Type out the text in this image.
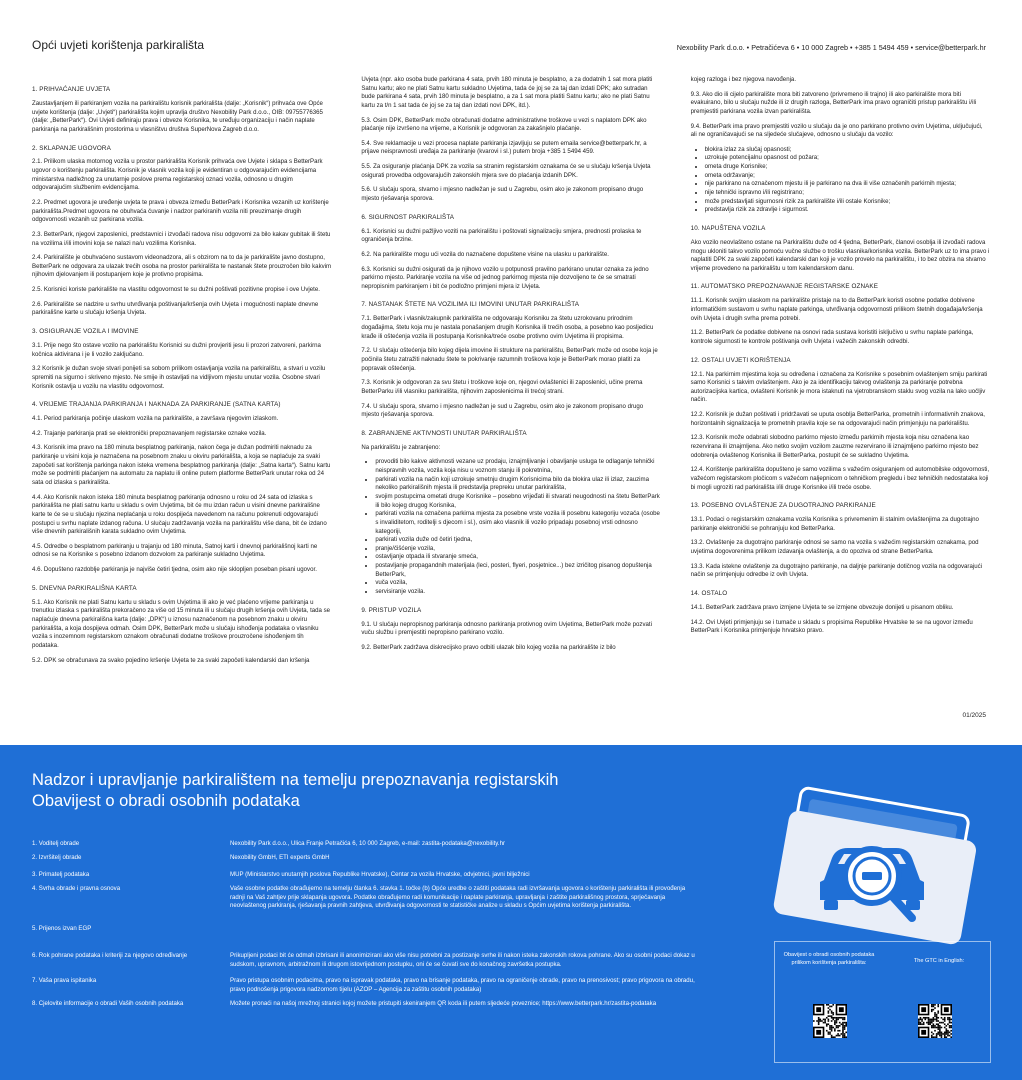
Opći uvjeti korištenja parkirališta	Nexobility Park d.o.o. • Petračićeva 6 • 10 000 Zagreb • +385 1 5494 459 • service@betterpark.hr
1. PRIHVAĆANJE UVJETA

Zaustavljanjem ili parkiranjem vozila na parkiralištu korisnik parkirališta (dalje: „Korisnik“) prihvaća ove Opće uvjete korištenja (dalje: „Uvjeti“) parkirališta kojim upravlja društvo Nexobility Park d.o.o., OIB: 09755776365 (dalje: „BetterPark“). Ovi Uvjeti definiraju prava i obveze Korisnika, te uređuju organizaciju i način naplate parkiranja na parkirališnim prostorima u vlasništvu društva SuperNova Zagreb d.o.o.

2. SKLAPANJE UGOVORA

2.1. Prilikom ulaska motornog vozila u prostor parkirališta Korisnik prihvaća ove Uvjete i sklapa s BetterPark ugovor o korištenju parkirališta. Korisnik je vlasnik vozila koji je evidentiran u odgovarajućim evidencijama ministarstva nadležnog za unutarnje poslove prema registarskoj oznaci vozila, odnosno u drugim odgovarajućim službenim evidencijama.

2.2. Predmet ugovora je uređenje uvjeta te prava i obveza između BetterPark i Korisnika vezanih uz korištenje parkirališta.Predmet ugovora ne obuhvaća čuvanje i nadzor parkiranih vozila niti preuzimanje drugih odgovornosti vezanih uz parkirana vozila.

2.3. BetterPark, njegovi zaposlenici, predstavnici i izvođači radova nisu odgovorni za bilo kakav gubitak ili štetu na vozilima i/ili imovini koja se nalazi na/u vozilima Korisnika.

2.4. Parkiralište je obuhvaćeno sustavom videonadzora, ali s obzirom na to da je parkiralište javno dostupno, BetterPark ne odgovara za ulazak trećih osoba na prostor parkirališta te nastanak štete prouzročen bilo kakvim njihovim djelovanjem ili postupanjem koje je protivno propisima.

2.5. Korisnici koriste parkiralište na vlastitu odgovornost te su dužni poštivati pozitivne propise i ove Uvjete.

2.6. Parkiralište se nadzire u svrhu utvrđivanja poštivanja/kršenja ovih Uvjeta i mogućnosti naplate dnevne parkirališne karte u slučaju kršenja Uvjeta.

3. OSIGURANJE VOZILA I IMOVINE

3.1. Prije nego što ostave vozilo na parkiralištu Korisnici su dužni provjeriti jesu li prozori zatvoreni, parkirna kočnica aktivirana i je li vozilo zaključano.

3.2 Korisnik je dužan svoje stvari ponijeti sa sobom prilikom ostavljanja vozila na parkiralištu, a stvari u vozilu spremiti na sigurno i skriveno mjesto. Ne smije ih ostavljati na vidljivom mjestu unutar vozila. Osobne stvari Korisnik ostavlja u vozilu na vlastitu odgovornost.

4. VRIJEME TRAJANJA PARKIRANJA I NAKNADA ZA PARKIRANJE (SATNA KARTA)

4.1. Period parkiranja počinje ulaskom vozila na parkiralište, a završava njegovim izlaskom.

4.2. Trajanje parkiranja prati se elektronički prepoznavanjem registarske oznake vozila.

4.3. Korisnik ima pravo na 180 minuta besplatnog parkiranja, nakon čega je dužan podmiriti naknadu za parkiranje u visini koja je naznačena na posebnom znaku u okviru parkirališta, a koja se naplaćuje za svaki započeti sat korištenja parkinga nakon isteka vremena besplatnog parkiranja (dalje: „Satna karta“). Satnu kartu može se podmiriti plaćanjem na automatu za naplatu ili online putem platforme BetterPark unutar roka od 24 sata od izlaska s parkirališta.

4.4. Ako Korisnik nakon isteka 180 minuta besplatnog parkiranja odnosno u roku od 24 sata od izlaska s parkirališta ne plati satnu kartu u skladu s ovim Uvjetima, bit će mu izdan račun u visini dnevne parkirališne karte te će se u slučaju njezina neplaćanja u roku dospijeća navedenom na računu pokrenuti odgovarajući postupci u svrhu naplate izdanog računa. U slučaju zadržavanja vozila na parkiralištu više dana, bit će izdano više dnevnih parkirališnih karata sukladno ovim Uvjetima.

4.5. Odredbe o besplatnom parkiranju u trajanju od 180 minuta, Satnoj karti i dnevnoj parkirališnoj karti ne odnosi se na Korisnike s posebno izdanom dozvolom za parkiranje sukladno Uvjetima.

4.6. Dopušteno razdoblje parkiranja je najviše četiri tjedna, osim ako nije sklopljen poseban pisani ugovor.

5. DNEVNA PARKIRALIŠNA KARTA

5.1. Ako Korisnik ne plati Satnu kartu u skladu s ovim Uvjetima ili ako je već plaćeno vrijeme parkiranja u trenutku izlaska s parkirališta prekoračeno za više od 15 minuta ili u slučaju drugih kršenja ovih Uvjeta, tada se naplaćuje dnevna parkirališna karta (dalje: „DPK“) u iznosu naznačenom na posebnom znaku u okviru parkirališta, a koja dospijeva odmah. Osim DPK, BetterPark može u slučaju ishođenja podataka o vlasniku vozila s inozemnom registarskom oznakom obračunati dodatne troškove prouzročene ishođenjem tih podataka.

5.2. DPK se obračunava za svako pojedino kršenje Uvjeta te za svaki započeti kalendarski dan kršenja

Uvjeta (npr. ako osoba bude parkirana 4 sata, prvih 180 minuta je besplatno, a za dodatnih 1 sat mora platiti Satnu kartu; ako ne plati Satnu kartu sukladno Uvjetima, tada će joj se za taj dan izdati DPK; ako sutradan bude parkirana 4 sata, prvih 180 minuta je besplatno, a za 1 sat mora platiti Satnu kartu; ako ne plati Satnu kartu za t/n 1 sat tada će joj se za taj dan izdati novi DPK, itd.).

5.3. Osim DPK, BetterPark može obračunati dodatne administrativne troškove u vezi s naplatom DPK ako plaćanje nije izvršeno na vrijeme, a Korisnik je odgovoran za zakašnjelo plaćanje.

5.4. Sve reklamacije u vezi procesa naplate parkiranja izjavljuju se putem emaila service@betterpark.hr, a prijave neispravnosti uređaja za parkiranje (kvarovi i sl.) putem broja +385 1 5494 459.

5.5. Za osiguranje plaćanja DPK za vozila sa stranim registarskim oznakama će se u slučaju kršenja Uvjeta osigurati provedba odgovarajućih zakonskih mjera sve do plaćanja izdanih DPK.

5.6. U slučaju spora, stvarno i mjesno nadležan je sud u Zagrebu, osim ako je zakonom propisano drugo mjesto rješavanja sporova.

6. SIGURNOST PARKIRALIŠTA

6.1. Korisnici su dužni pažljivo voziti na parkiralištu i poštovati signalizaciju smjera, prednosti prolaska te ograničenja brzine.

6.2. Na parkiralište mogu ući vozila do naznačene dopuštene visine na ulasku u parkiralište.

6.3. Korisnici su dužni osigurati da je njihovo vozilo u potpunosti pravilno parkirano unutar oznaka za jedno parkirno mjesto. Parkiranje vozila na više od jednog parkirnog mjesta nije dozvoljeno te će se smatrati nepropisnim parkiranjem i bit će podložno primjeni mjera iz Uvjeta.

7. NASTANAK ŠTETE NA VOZILIMA ILI IMOVINI UNUTAR PARKIRALIŠTA

7.1. BetterPark i vlasnik/zakupnik parkirališta ne odgovaraju Korisniku za štetu uzrokovanu prirodnim događajima, štetu koja mu je nastala ponašanjem drugih Korisnika ili trećih osoba, a posebno kao posljedicu krađe ili oštećenja vozila ili postupanja Korisnika/treće osobe protivno ovim Uvjetima ili propisima.

7.2. U slučaju oštećenja bilo kojeg dijela imovine ili strukture na parkiralištu, BetterPark može od osobe koja je počinila štetu zatražiti naknadu štete te pokrivanje razumnih troškova koje je BetterPark morao platiti za popravak oštećenja.

7.3. Korisnik je odgovoran za svu štetu i troškove koje on, njegovi ovlaštenici ili zaposlenici, učine prema BetterParku i/ili vlasniku parkirališta, njihovim zaposlenicima ili trećoj strani.

7.4. U slučaju spora, stvarno i mjesno nadležan je sud u Zagrebu, osim ako je zakonom propisano drugo mjesto rješavanja sporova.

8. ZABRANJENE AKTIVNOSTI UNUTAR PARKIRALIŠTA

Na parkiralištu je zabranjeno:

• provoditi bilo kakve aktivnosti vezane uz prodaju, iznajmljivanje i obavljanje usluga te odlaganje tehnički neispravnih vozila, vozila koja nisu u voznom stanju ili pokretnina,
• parkirati vozila na način koji uzrokuje smetnju drugim Korisnicima bilo da blokira ulaz ili izlaz, zauzima nekoliko parkirališnih mjesta ili predstavlja prepreku unutar parkirališta,
• svojim postupcima ometati druge Korisnike – posebno vrijeđati ili stvarati neugodnosti na štetu BetterPark ili bilo kojeg drugog Korisnika,
• parkirati vozila na označena parkirna mjesta za posebne vrste vozila ili posebnu kategoriju vozača (osobe s invaliditetom, roditelji s djecom i sl.), osim ako vlasnik ili vozilo pripadaju posebnoj vrsti odnosno kategoriji,
• parkirati vozila duže od četiri tjedna,
• pranje/čišćenje vozila,
• ostavljanje otpada ili stvaranje smeća,
• postavljanje propagandnih materijala (leci, posteri, flyeri, posjetnice...) bez izričitog pisanog dopuštenja BetterPark,
• vuča vozila,
• servisiranje vozila.
9. PRISTUP VOZILA

9.1. U slučaju nepropisnog parkiranja odnosno parkiranja protivnog ovim Uvjetima, BetterPark može pozvati vuču službu i premjestiti nepropisno parkirano vozilo.

9.2. BetterPark zadržava diskrecijsko pravo odbiti ulazak bilo kojeg vozila na parkiralište iz bilo

kojeg razloga i bez njegova navođenja.

9.3. Ako dio ili cijelo parkiralište mora biti zatvoreno (privremeno ili trajno) ili ako parkiralište mora biti evakuirano, bilo u slučaju nužde ili iz drugih razloga, BetterPark ima pravo ograničiti pristup parkiralištu i/ili premjestiti parkirana vozila izvan parkirališta.

9.4. BetterPark ima pravo premjestiti vozilo u slučaju da je ono parkirano protivno ovim Uvjetima, uključujući, ali ne ograničavajući se na sljedeće slučajeve, odnosno u slučaju da vozilo:

• blokira izlaz za slučaj opasnosti;
• uzrokuje potencijalnu opasnost od požara;
• ometa druge Korisnike;
• ometa održavanje;
• nije parkirano na označenom mjestu ili je parkirano na dva ili više označenih parkirnih mjesta;
• nije tehnički ispravno i/ili registrirano;
• može predstavljati sigurnosni rizik za parkiralište i/ili ostale Korisnike;
• predstavlja rizik za zdravlje i sigurnost.
10. NAPUŠTENA VOZILA

Ako vozilo neovlašteno ostane na Parkiralištu duže od 4 tjedna, BetterPark, članovi osoblja ili izvođači radova mogu ukloniti takvo vozilo pomoću vučne službe o trošku vlasnika/korisnika vozila. BetterPark uz to ima pravo i naplatiti DPK za svaki započeti kalendarski dan koji je vozilo provelo na parkiralištu, i to bez obzira na stvarno vrijeme provedeno na parkiralištu u tom kalendarskom danu.

11. AUTOMATSKO PREPOZNAVANJE REGISTARSKE OZNAKE

11.1. Korisnik svojim ulaskom na parkiralište pristaje na to da BetterPark koristi osobne podatke dobivene informatičkim sustavom u svrhu naplate parkinga, utvrđivanja odgovornosti prilikom štetnih događaja/kršenja ovih Uvjeta i drugih svrha prema potrebi.

11.2. BetterPark će podatke dobivene na osnovi rada sustava koristiti isključivo u svrhu naplate parkinga, kontrole sigurnosti te kontrole poštivanja ovih Uvjeta i važećih zakonskih odredbi.

12. OSTALI UVJETI KORIŠTENJA

12.1. Na parkirnim mjestima koja su određena i označena za Korisnike s posebnim ovlaštenjem smiju parkirati samo Korisnici s takvim ovlaštenjem. Ako je za identifikaciju takvog ovlaštenja za parkiranje potrebna autorizacijska kartica, ovlašteni Korisnik je mora istaknuti na vjetrobranskom staklu svog vozila na lako uočljiv način.

12.2. Korisnik je dužan poštivati i pridržavati se uputa osoblja BetterParka, prometnih i informativnih znakova, horizontalnih signalizacija te prometnih pravila koje se na odgovarajući način primjenjuju na parkiralištu.

12.3. Korisnik može odabrati slobodno parkirno mjesto između parkirnih mjesta koja nisu označena kao rezervirana ili iznajmljena. Ako netko svojim vozilom zauzme rezervirano ili iznajmljeno parkirno mjesto bez odobrenja ovlaštenog Korisnika ili BetterParka, postupit će se sukladno Uvjetima.

12.4. Korištenje parkirališta dopušteno je samo vozilima s važećim osiguranjem od automobilske odgovornosti, važećom registarskom pločicom s važećom naljepnicom o tehničkom pregledu i bez tehničkih nedostataka koji bi mogli ugroziti rad parkirališta i/ili druge Korisnike i/ili treće osobe.

13. POSEBNO OVLAŠTENJE ZA DUGOTRAJNO PARKIRANJE

13.1. Podaci o registarskim oznakama vozila Korisnika s privremenim ili stalnim ovlaštenjima za dugotrajno parkiranje elektronički se pohranjuju kod BetterParka.

13.2. Ovlaštenje za dugotrajno parkiranje odnosi se samo na vozila s važećim registarskim oznakama, pod uvjetima dogovorenima prilikom izdavanja ovlaštenja, a do opoziva od strane BetterParka.

13.3. Kada istekne ovlaštenje za dugotrajno parkiranje, na daljnje parkiranje dotičnog vozila na odgovarajući način se primjenjuju odredbe iz ovih Uvjeta.

14. OSTALO

14.1. BetterPark zadržava pravo izmjene Uvjeta te se izmjene obvezuje donijeti u pisanom obliku.

14.2. Ovi Uvjeti primjenjuju se i tumače u skladu s propisima Republike Hrvatske te se na ugovor između BetterPark i Korisnika primjenjuje hrvatsko pravo.

01/2025
Nadzor i upravljanje parkiralištem na temelju prepoznavanja registarskih
Obavijest o obradi osobnih podataka
1. Voditelj obrade	Nexobility Park d.o.o., Ulica Franje Petračića 6, 10 000 Zagreb, e-mail: zastita-podataka@nexobility.hr
2. Izvršitelj obrade	Nexobility GmbH, ETI experts GmbH
3. Primatelj podataka	MUP (Ministarstvo unutarnjih poslova Republike Hrvatske), Centar za vozila Hrvatske, odvjetnici, javni bilježnici
4. Svrha obrade i pravna osnova	Vaše osobne podatke obrađujemo na temelju članka 6. stavka 1. točke (b) Opće uredbe o zaštiti podataka radi izvršavanja ugovora o korištenju parkirališta ili provođenja radnji na Vaš zahtjev prije sklapanja ugovora. Podatke obrađujemo radi komunikacije i naplate parkiranja, upravljanja i zaštite parkirališnog prostora, sprječavanja neovlaštenog parkiranja, rješavanja pravnih zahtjeva, utvrđivanja odgovornosti te statističke analize u skladu s Općim uvjetima korištenja parkirališta.
5. Prijenos izvan EGP
6. Rok pohrane podataka i kriteriji za njegovo određivanje	Prikupljeni podaci bit će odmah izbrisani ili anonimizirani ako više nisu potrebni za postizanje svrhe ili nakon isteka zakonskih rokova pohrane. Ako su osobni podaci dokaz u sudskom, upravnom, arbitražnom ili drugom istovrijednom postupku, oni će se čuvati sve do konačnog završetka postupka.
7. Vaša prava ispitanika	Pravo pristupa osobnim podacima, pravo na ispravak podataka, pravo na brisanje podataka, pravo na ograničenje obrade, pravo na prenosivost; pravo prigovora na obradu, pravo podnošenja prigovora nadzornom tijelu (AZOP – Agencija za zaštitu osobnih podataka)
8. Cjelovite informacije o obradi Vaših osobnih podataka	Možete pronaći na našoj mrežnoj stranici kojoj možete pristupiti skeniranjem QR koda ili putem sljedeće poveznice; https://www.betterpark.hr/zastita-podataka
Obavijest o obradi osobnih podataka prilikom korištenja parkirališta:	The GTC in English:
